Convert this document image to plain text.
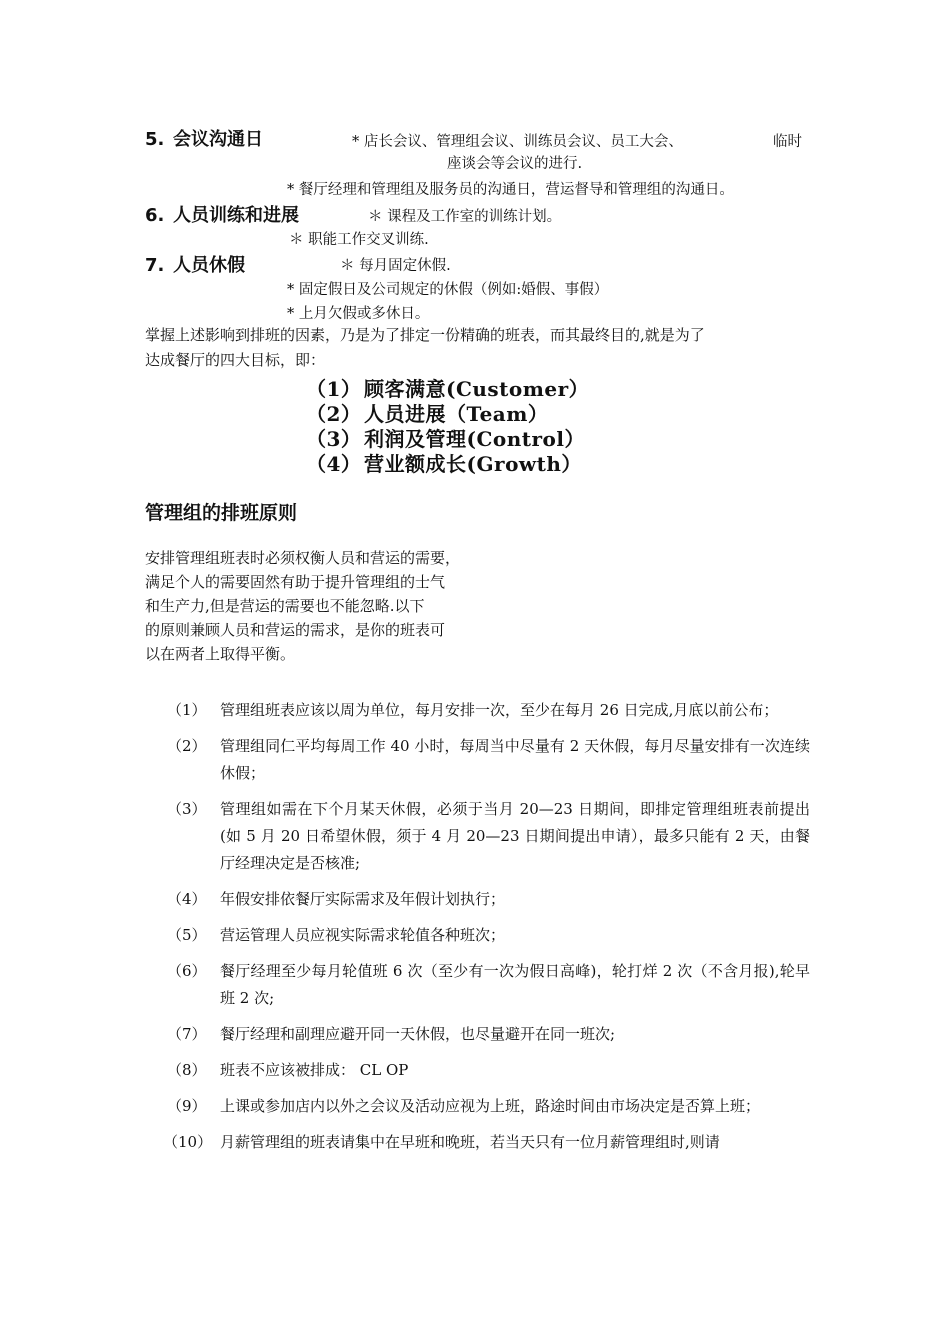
5. 会议沟通日	* 店长会议、管理组会议、训练员会议、员工大会、	临时
座谈会等会议的进行.
* 餐厅经理和管理组及服务员的沟通日，营运督导和管理组的沟通日。
6. 人员训练和进展	＊ 课程及工作室的训练计划。
＊ 职能工作交叉训练.
7. 人员休假	＊ 每月固定休假.
* 固定假日及公司规定的休假（例如:婚假、事假）
* 上月欠假或多休日。
掌握上述影响到排班的因素，乃是为了排定一份精确的班表，而其最终目的,就是为了
达成餐厅的四大目标，即：
（1） 顾客满意(Customer）
（2） 人员进展（Team）
（3） 利润及管理(Control）
（4） 营业额成长(Growth）
管理组的排班原则
安排管理组班表时必须权衡人员和营运的需要，
满足个人的需要固然有助于提升管理组的士气
和生产力,但是营运的需要也不能忽略.以下
的原则兼顾人员和营运的需求，是你的班表可
以在两者上取得平衡。
（1） 管理组班表应该以周为单位，每月安排一次，至少在每月 26 日完成,月底以前公布；
（2） 管理组同仁平均每周工作 40 小时，每周当中尽量有 2 天休假，每月尽量安排有一次连续休假；
（3） 管理组如需在下个月某天休假，必须于当月 20—23 日期间，即排定管理组班表前提出(如 5 月 20 日希望休假，须于 4 月 20—23 日期间提出申请），最多只能有 2 天，由餐厅经理决定是否核准;
（4） 年假安排依餐厅实际需求及年假计划执行；
（5） 营运管理人员应视实际需求轮值各种班次；
（6） 餐厅经理至少每月轮值班 6 次（至少有一次为假日高峰)，轮打烊 2 次（不含月报),轮早班 2 次;
（7） 餐厅经理和副理应避开同一天休假，也尽量避开在同一班次;
（8） 班表不应该被排成： CL OP
（9） 上课或参加店内以外之会议及活动应视为上班，路途时间由市场决定是否算上班；
（10） 月薪管理组的班表请集中在早班和晚班，若当天只有一位月薪管理组时,则请
